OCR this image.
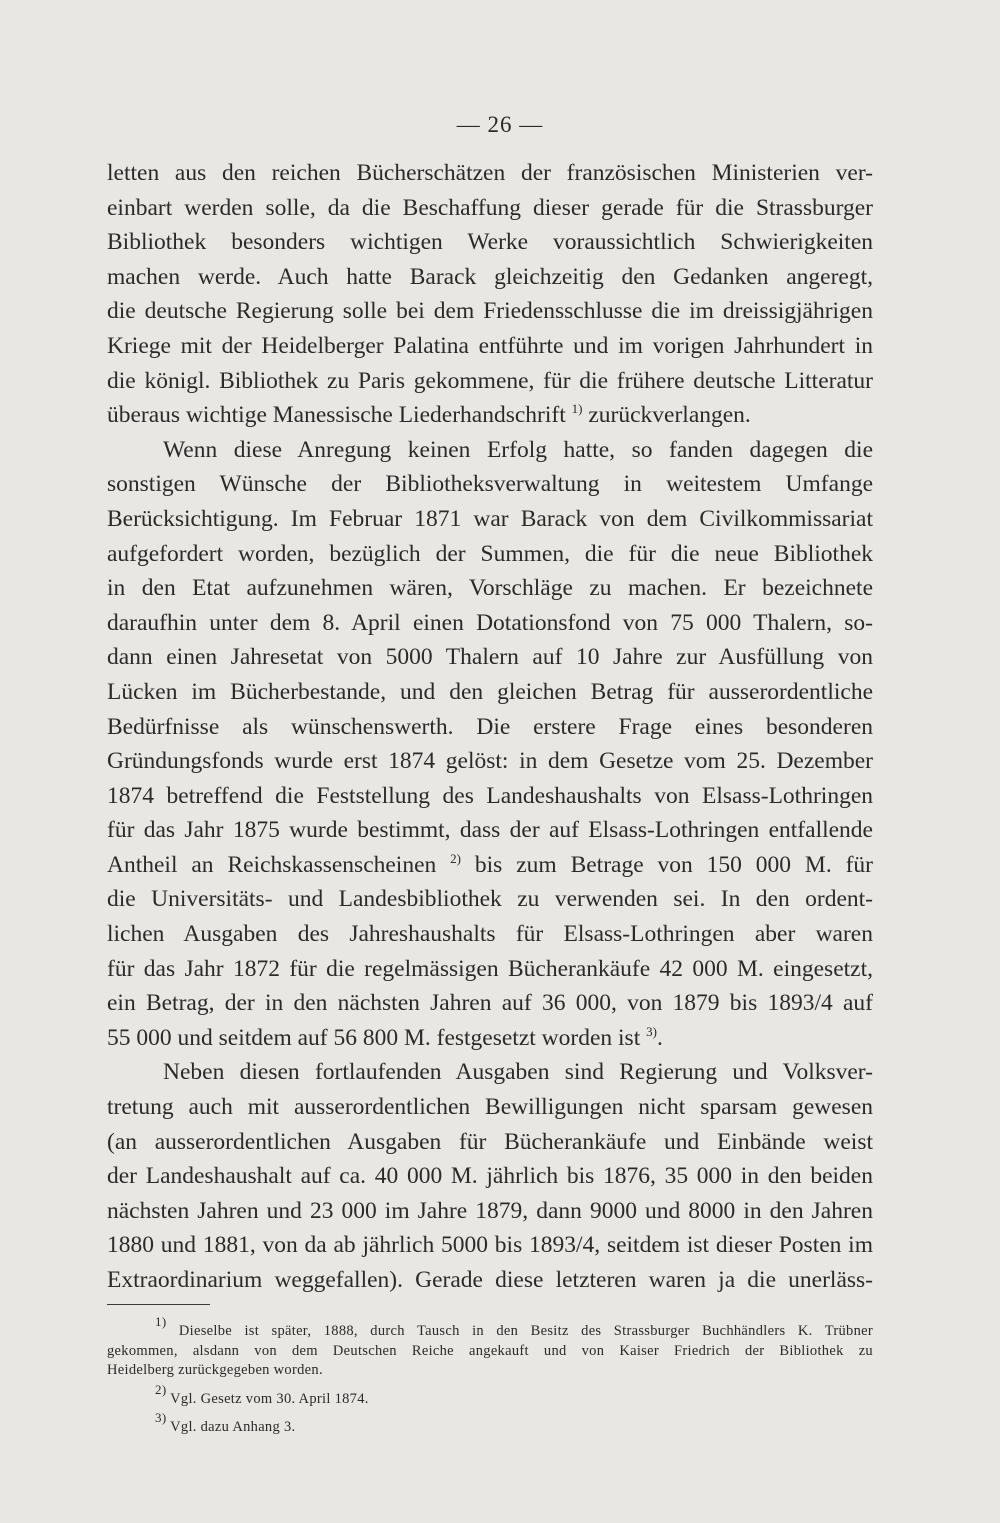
— 26 —
letten aus den reichen Bücherschätzen der französischen Ministerien ver-
einbart werden solle, da die Beschaffung dieser gerade für die Strassburger
Bibliothek besonders wichtigen Werke voraussichtlich Schwierigkeiten
machen werde. Auch hatte Barack gleichzeitig den Gedanken angeregt,
die deutsche Regierung solle bei dem Friedensschlusse die im dreissigjährigen
Kriege mit der Heidelberger Palatina entführte und im vorigen Jahrhundert in
die königl. Bibliothek zu Paris gekommene, für die frühere deutsche Litteratur
überaus wichtige Manessische Liederhandschrift $^{1)}$ zurückverlangen.
Wenn diese Anregung keinen Erfolg hatte, so fanden dagegen die
sonstigen Wünsche der Bibliotheksverwaltung in weitestem Umfange
Berücksichtigung. Im Februar 1871 war Barack von dem Civilkommissariat
aufgefordert worden, bezüglich der Summen, die für die neue Bibliothek
in den Etat aufzunehmen wären, Vorschläge zu machen. Er bezeichnete
daraufhin unter dem 8. April einen Dotationsfond von 75 000 Thalern, so-
dann einen Jahresetat von 5000 Thalern auf 10 Jahre zur Ausfüllung von
Lücken im Bücherbestande, und den gleichen Betrag für ausserordentliche
Bedürfnisse als wünschenswerth. Die erstere Frage eines besonderen
Gründungsfonds wurde erst 1874 gelöst: in dem Gesetze vom 25. Dezember
1874 betreffend die Feststellung des Landeshaushalts von Elsass-Lothringen
für das Jahr 1875 wurde bestimmt, dass der auf Elsass-Lothringen entfallende
Antheil an Reichskassenscheinen $^{2)}$ bis zum Betrage von 150 000 M. für
die Universitäts- und Landesbibliothek zu verwenden sei. In den ordent-
lichen Ausgaben des Jahreshaushalts für Elsass-Lothringen aber waren
für das Jahr 1872 für die regelmässigen Bücherankäufe 42 000 M. eingesetzt,
ein Betrag, der in den nächsten Jahren auf 36 000, von 1879 bis 1893/4 auf
55 000 und seitdem auf 56 800 M. festgesetzt worden ist $^{3)}$.
Neben diesen fortlaufenden Ausgaben sind Regierung und Volksver-
tretung auch mit ausserordentlichen Bewilligungen nicht sparsam gewesen
(an ausserordentlichen Ausgaben für Bücherankäufe und Einbände weist
der Landeshaushalt auf ca. 40 000 M. jährlich bis 1876, 35 000 in den beiden
nächsten Jahren und 23 000 im Jahre 1879, dann 9000 und 8000 in den Jahren
1880 und 1881, von da ab jährlich 5000 bis 1893/4, seitdem ist dieser Posten im
Extraordinarium weggefallen). Gerade diese letzteren waren ja die unerläss-
$^{1)}$ Dieselbe ist später, 1888, durch Tausch in den Besitz des Strassburger Buchhändlers K. Trübner
gekommen, alsdann von dem Deutschen Reiche angekauft und von Kaiser Friedrich der Bibliothek zu
Heidelberg zurückgegeben worden.
$^{2)}$ Vgl. Gesetz vom 30. April 1874.
$^{3)}$ Vgl. dazu Anhang 3.
